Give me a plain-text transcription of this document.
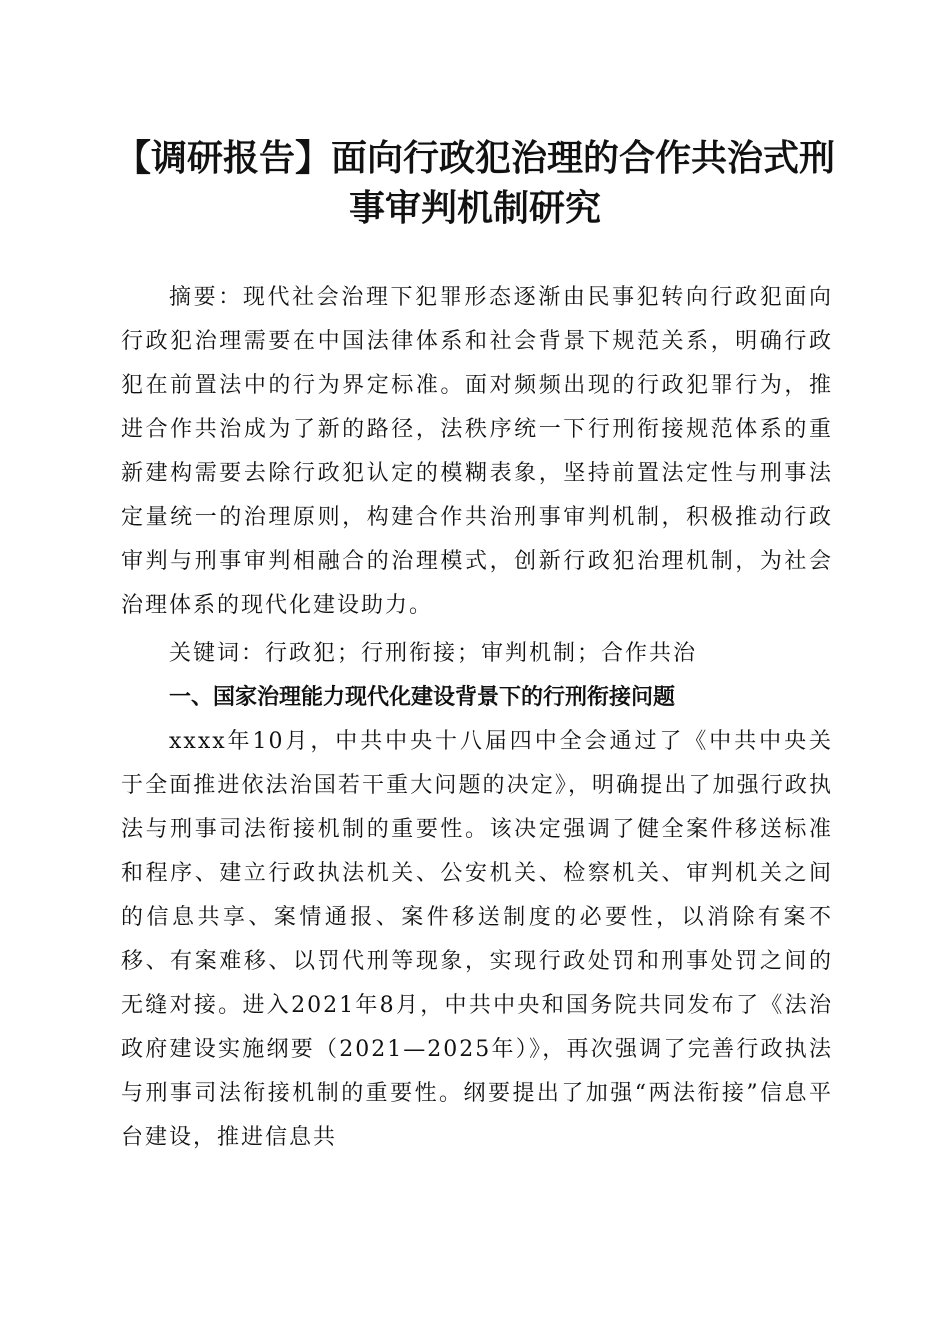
【调研报告】面向行政犯治理的合作共治式刑
事审判机制研究

摘要：现代社会治理下犯罪形态逐渐由民事犯转向行政犯面向行政犯治理需要在中国法律体系和社会背景下规范关系，明确行政犯在前置法中的行为界定标准。面对频频出现的行政犯罪行为，推进合作共治成为了新的路径，法秩序统一下行刑衔接规范体系的重新建构需要去除行政犯认定的模糊表象，坚持前置法定性与刑事法定量统一的治理原则，构建合作共治刑事审判机制，积极推动行政审判与刑事审判相融合的治理模式，创新行政犯治理机制，为社会治理体系的现代化建设助力。

关键词：行政犯；行刑衔接；审判机制；合作共治

一、国家治理能力现代化建设背景下的行刑衔接问题

xxxx年10月，中共中央十八届四中全会通过了《中共中央关于全面推进依法治国若干重大问题的决定》，明确提出了加强行政执法与刑事司法衔接机制的重要性。该决定强调了健全案件移送标准和程序、建立行政执法机关、公安机关、检察机关、审判机关之间的信息共享、案情通报、案件移送制度的必要性，以消除有案不移、有案难移、以罚代刑等现象，实现行政处罚和刑事处罚之间的无缝对接。进入2021年8月，中共中央和国务院共同发布了《法治政府建设实施纲要（2021—2025年）》，再次强调了完善行政执法与刑事司法衔接机制的重要性。纲要提出了加强“两法衔接”信息平台建设，推进信息共
